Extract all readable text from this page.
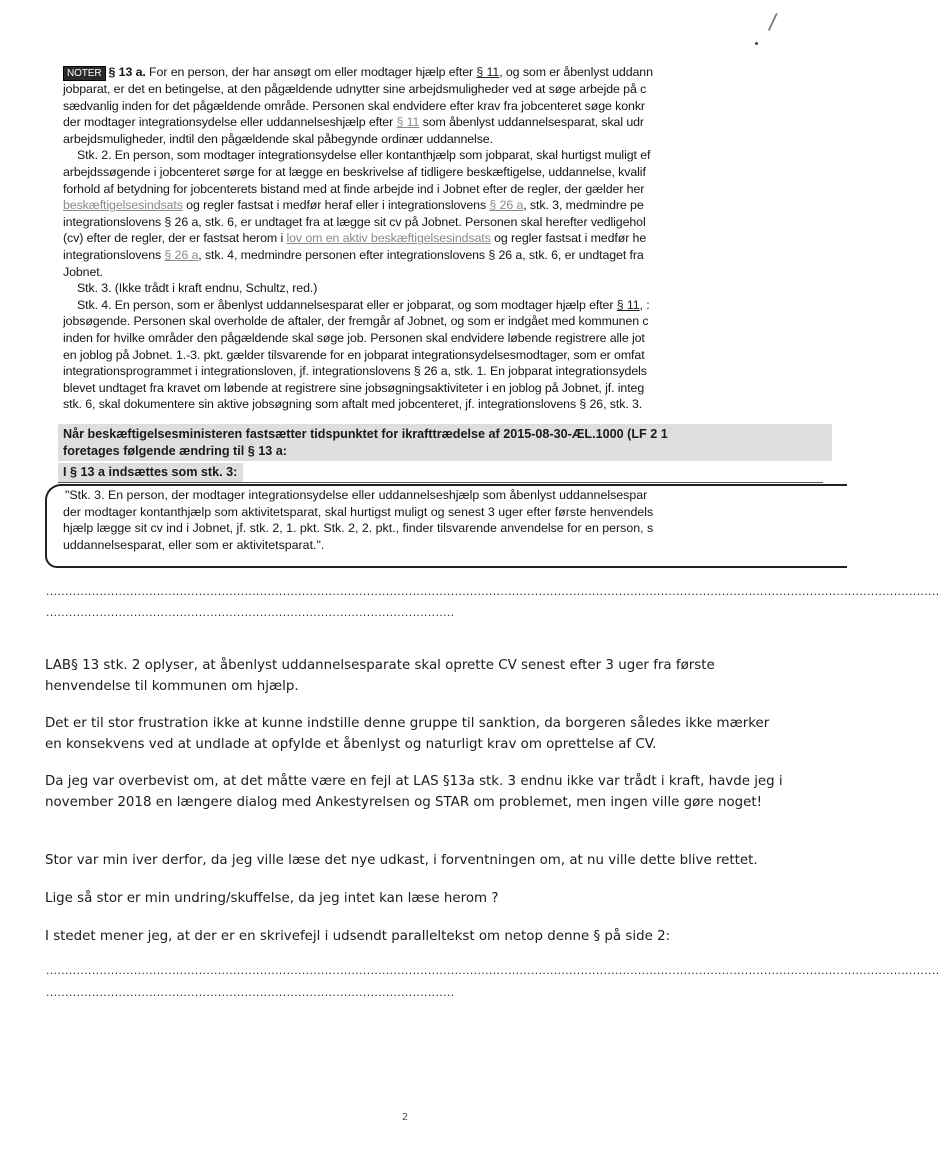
/

NOTER § 13 a. For en person, der har ansøgt om eller modtager hjælp efter § 11, og som er åbenlyst uddann

jobparat, er det en betingelse, at den pågældende udnytter sine arbejdsmuligheder ved at søge arbejde på c

sædvanlig inden for det pågældende område. Personen skal endvidere efter krav fra jobcenteret søge konkr

der modtager integrationsydelse eller uddannelseshjælp efter § 11 som åbenlyst uddannelsesparat, skal udr

arbejdsmuligheder, indtil den pågældende skal påbegynde ordinær uddannelse.

Stk. 2. En person, som modtager integrationsydelse eller kontanthjælp som jobparat, skal hurtigst muligt ef

arbejdssøgende i jobcenteret sørge for at lægge en beskrivelse af tidligere beskæftigelse, uddannelse, kvalif

forhold af betydning for jobcenterets bistand med at finde arbejde ind i Jobnet efter de regler, der gælder her

beskæftigelsesindsats og regler fastsat i medfør heraf eller i integrationslovens § 26 a, stk. 3, medmindre pe

integrationslovens § 26 a, stk. 6, er undtaget fra at lægge sit cv på Jobnet. Personen skal herefter vedligehol

(cv) efter de regler, der er fastsat herom i lov om en aktiv beskæftigelsesindsats og regler fastsat i medfør he

integrationslovens § 26 a, stk. 4, medmindre personen efter integrationslovens § 26 a, stk. 6, er undtaget fra

Jobnet.

Stk. 3. (Ikke trådt i kraft endnu, Schultz, red.)

Stk. 4. En person, som er åbenlyst uddannelsesparat eller er jobparat, og som modtager hjælp efter § 11, :

jobsøgende. Personen skal overholde de aftaler, der fremgår af Jobnet, og som er indgået med kommunen c

inden for hvilke områder den pågældende skal søge job. Personen skal endvidere løbende registrere alle jot

en joblog på Jobnet. 1.-3. pkt. gælder tilsvarende for en jobparat integrationsydelsesmodtager, som er omfat

integrationsprogrammet i integrationsloven, jf. integrationslovens § 26 a, stk. 1. En jobparat integrationsydels

blevet undtaget fra kravet om løbende at registrere sine jobsøgningsaktiviteter i en joblog på Jobnet, jf. integ

stk. 6, skal dokumentere sin aktive jobsøgning som aftalt med jobcenteret, jf. integrationslovens § 26, stk. 3.

Når beskæftigelsesministeren fastsætter tidspunktet for ikrafttrædelse af 2015-08-30-ÆL.1000 (LF 2 1
foretages følgende ændring til § 13 a:
I § 13 a indsættes som stk. 3:

"Stk. 3. En person, der modtager integrationsydelse eller uddannelseshjælp som åbenlyst uddannelsespar

der modtager kontanthjælp som aktivitetsparat, skal hurtigst muligt og senest 3 uger efter første henvendels

hjælp lægge sit cv ind i Jobnet, jf. stk. 2, 1. pkt. Stk. 2, 2. pkt., finder tilsvarende anvendelse for en person, s

uddannelsesparat, eller som er aktivitetsparat.".

..........................................................................................................................................................................................................................................
...........................................................................................................

LAB§ 13 stk. 2 oplyser, at åbenlyst uddannelsesparate skal oprette CV senest efter 3 uger fra første henvendelse til kommunen om hjælp.

Det er til stor frustration ikke at kunne indstille denne gruppe til sanktion, da borgeren således ikke mærker en konsekvens ved at undlade at opfylde et åbenlyst og naturligt krav om oprettelse af CV.

Da jeg var overbevist om, at det måtte være en fejl at LAS §13a stk. 3 endnu ikke var trådt i kraft, havde jeg i november 2018 en længere dialog med Ankestyrelsen og STAR om problemet, men ingen ville gøre noget!

Stor var min iver derfor, da jeg ville læse det nye udkast, i forventningen om, at nu ville dette blive rettet.

Lige så stor er min undring/skuffelse, da jeg intet kan læse herom ?

I stedet mener jeg, at der er en skrivefejl i udsendt paralleltekst om netop denne § på side 2:

..........................................................................................................................................................................................................................................
...........................................................................................................
2
